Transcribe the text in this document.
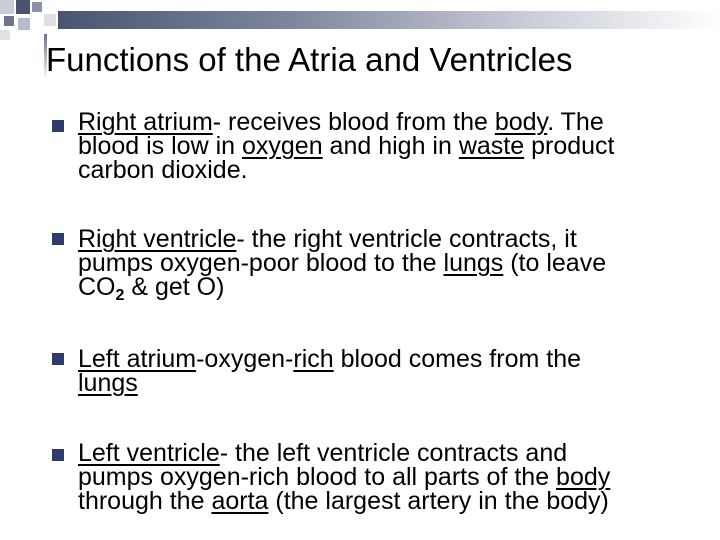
Functions of the Atria and Ventricles
Right atrium- receives blood from the body. The
blood is low in oxygen and high in waste product
carbon dioxide.
Right ventricle- the right ventricle contracts, it
pumps oxygen-poor blood to the lungs (to leave
$CO_2$ & get O)
Left atrium-oxygen-rich blood comes from the
lungs
Left ventricle- the left ventricle contracts and
pumps oxygen-rich blood to all parts of the body
through the aorta (the largest artery in the body)
